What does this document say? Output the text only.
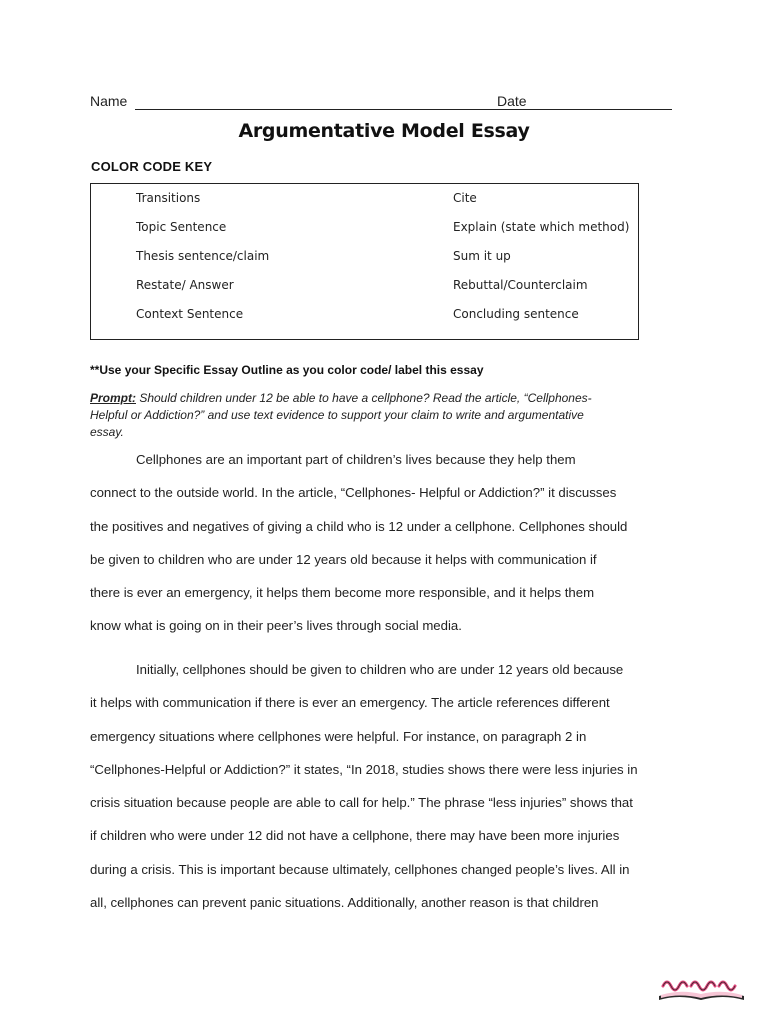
Name	Date
Argumentative Model Essay
COLOR CODE KEY
Transitions
Topic Sentence
Thesis sentence/claim
Restate/ Answer
Context Sentence
Cite
Explain (state which method)
Sum it up
Rebuttal/Counterclaim
Concluding sentence
**Use your Specific Essay Outline as you color code/ label this essay
Prompt: Should children under 12 be able to have a cellphone? Read the article, “Cellphones-
Helpful or Addiction?” and use text evidence to support your claim to write and argumentative
essay.
Cellphones are an important part of children’s lives because they help them
connect to the outside world. In the article, “Cellphones- Helpful or Addiction?” it discusses
the positives and negatives of giving a child who is 12 under a cellphone. Cellphones should
be given to children who are under 12 years old because it helps with communication if
there is ever an emergency, it helps them become more responsible, and it helps them
know what is going on in their peer’s lives through social media.
Initially, cellphones should be given to children who are under 12 years old because
it helps with communication if there is ever an emergency. The article references different
emergency situations where cellphones were helpful. For instance, on paragraph 2 in
“Cellphones-Helpful or Addiction?” it states, “In 2018, studies shows there were less injuries in
crisis situation because people are able to call for help.” The phrase “less injuries” shows that
if children who were under 12 did not have a cellphone, there may have been more injuries
during a crisis. This is important because ultimately, cellphones changed people’s lives. All in
all, cellphones can prevent panic situations. Additionally, another reason is that children
